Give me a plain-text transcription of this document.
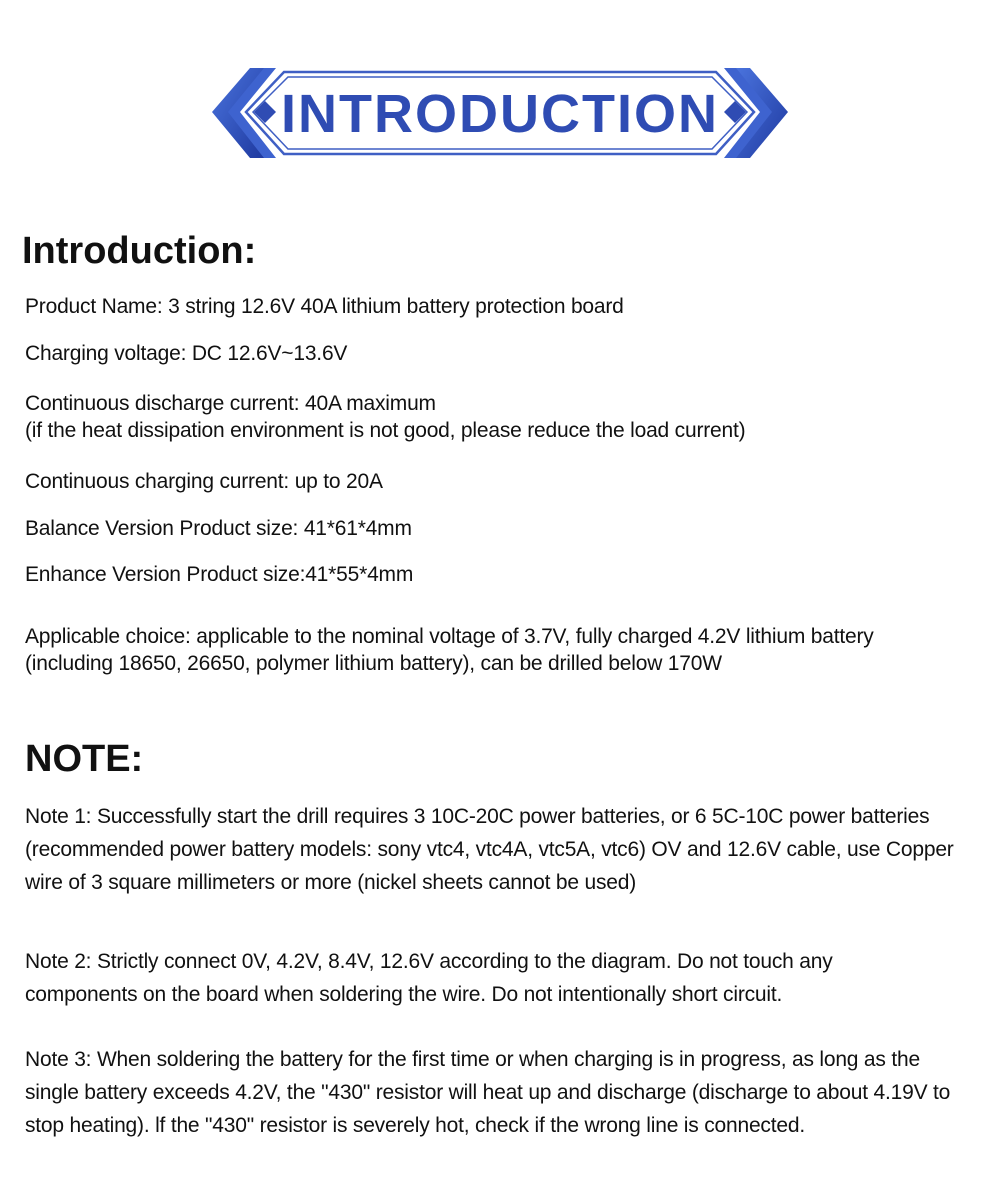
INTRODUCTION
Introduction:
Product Name: 3 string 12.6V 40A lithium battery protection board
Charging voltage: DC 12.6V~13.6V
Continuous discharge current: 40A maximum
(if the heat dissipation environment is not good, please reduce the load current)
Continuous charging current: up to 20A
Balance Version Product size: 41*61*4mm
Enhance Version Product size:41*55*4mm
Applicable choice: applicable to the nominal voltage of 3.7V, fully charged 4.2V lithium battery
(including 18650, 26650, polymer lithium battery), can be drilled below 170W
NOTE:
Note 1: Successfully start the drill requires 3 10C-20C power batteries, or 6 5C-10C power batteries (recommended power battery models: sony vtc4, vtc4A, vtc5A, vtc6) OV and 12.6V cable, use Copper wire of 3 square millimeters or more (nickel sheets cannot be used)
Note 2: Strictly connect 0V, 4.2V, 8.4V, 12.6V according to the diagram. Do not touch any components on the board when soldering the wire. Do not intentionally short circuit.
Note 3: When soldering the battery for the first time or when charging is in progress, as long as the single battery exceeds 4.2V, the "430" resistor will heat up and discharge (discharge to about 4.19V to stop heating). lf the "430" resistor is severely hot, check if the wrong line is connected.
